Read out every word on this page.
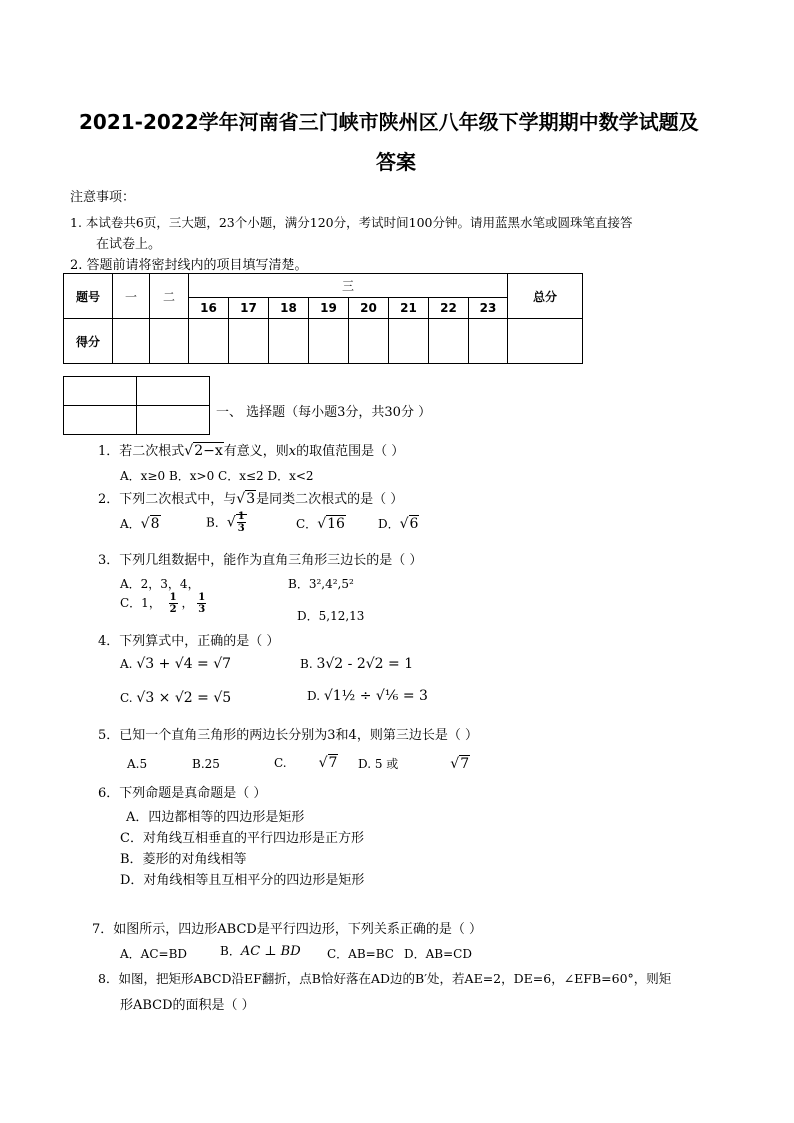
2021-2022学年河南省三门峡市陕州区八年级下学期期中数学试题及
答案
注意事项：
1. 本试卷共6页，三大题，23个小题，满分120分，考试时间100分钟。请用蓝黑水笔或圆珠笔直接答
在试卷上。
2. 答题前请将密封线内的项目填写清楚。
题号	一	二	三								总分
			16	17	18	19	20	21	22	23	
得分											

一、 选择题（每小题3分，共30分 ）
1．若二次根式√2−x有意义，则x的取值范围是（ ）
A．x≥0 B．x>0 C．x≤2 D．x<2
2．下列二次根式中，与√3是同类二次根式的是（ ）
A．√8	B．√ $\frac{1}{3}$	C．√16	D．√6
3．下列几组数据中，能作为直角三角形三边长的是（ ）
A．2，3，4，	B．3²,4²,5²
C．1， $\frac{1}{2}$ ， $\frac{1}{3}$
D．5,12,13
4．下列算式中，正确的是（ ）
A. √3 + √4 = √7	B. 3√2 - 2√2 = 1
C. √3 × √2 = √5	D. √1½ ÷ √⅙ = 3
5．已知一个直角三角形的两边长分别为3和4，则第三边长是（ ）
A.5	B.25	C. √7 D. 5 或	√7
6．下列命题是真命题是（ ）
A．四边都相等的四边形是矩形
C．对角线互相垂直的平行四边形是正方形
B．菱形的对角线相等
D．对角线相等且互相平分的四边形是矩形
7．如图所示，四边形ABCD是平行四边形，下列关系正确的是（ ）
A．AC=BD	B．AC ⊥ BD C．AB=BC D．AB=CD
8．如图，把矩形ABCD沿EF翻折，点B恰好落在AD边的B′处，若AE=2，DE=6，∠EFB=60°，则矩
形ABCD的面积是（ ）
